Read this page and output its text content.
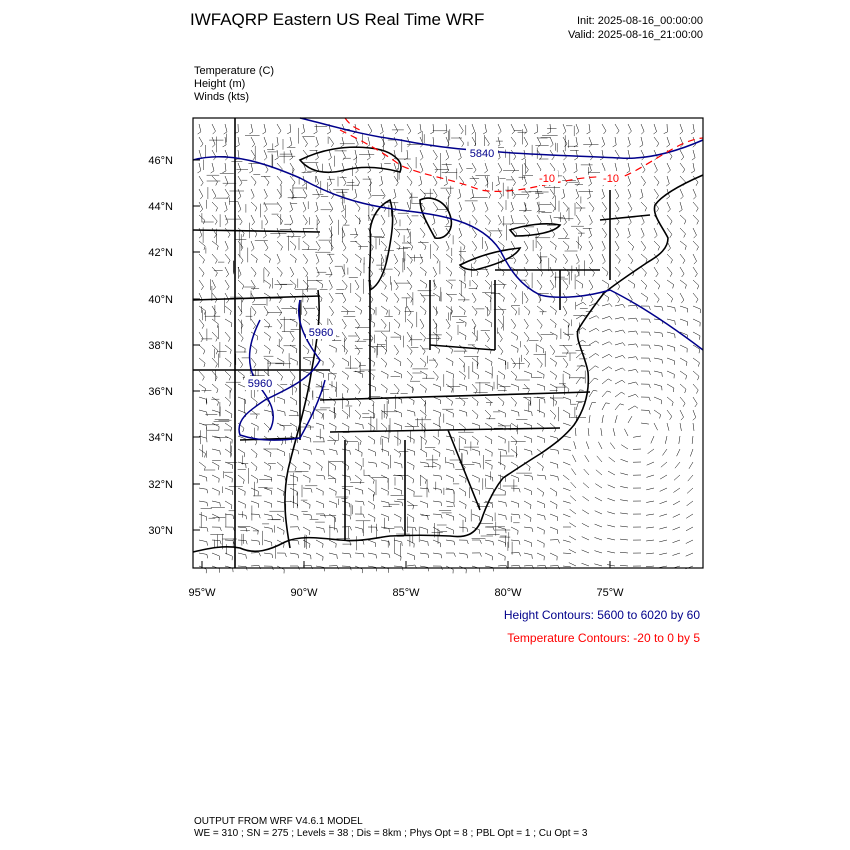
IWFAQRP Eastern US Real Time WRF	Init: 2025-08-16_00:00:00
Valid: 2025-08-16_21:00:00
Temperature (C)
Height (m)
Winds (kts)
5840
5960
5960
-10	-10
46°N
44°N
42°N
40°N
38°N
36°N
34°N
32°N
30°N
95°W	90°W	85°W	80°W	75°W
Height Contours: 5600 to 6020 by 60
Temperature Contours: -20 to 0 by 5
OUTPUT FROM WRF V4.6.1 MODEL
WE = 310 ; SN = 275 ; Levels = 38 ; Dis = 8km ; Phys Opt = 8 ; PBL Opt = 1 ; Cu Opt = 3
